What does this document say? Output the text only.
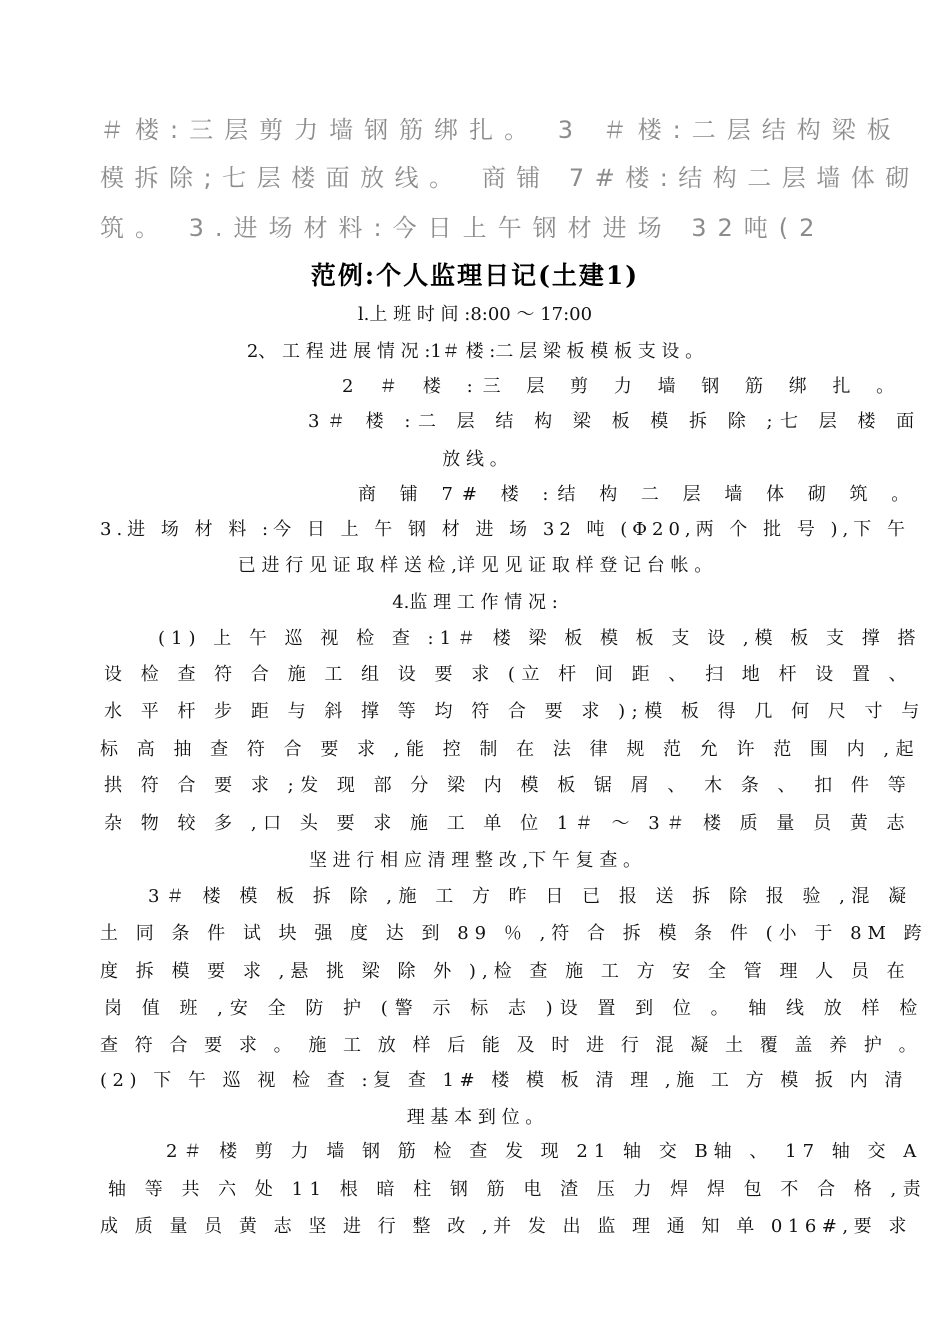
＃楼:三层剪力墙钢筋绑扎。 3 ＃楼:二层结构梁板
模拆除;七层楼面放线。 商铺 7#楼:结构二层墙体砌
筑。 3.进场材料:今日上午钢材进场 32吨(2
范例:个人监理日记(土建1)
l.上 班 时 间 :8:00 ～ 17:00
2、 工 程 进 展 情 况 :1＃ 楼 :二 层 梁 板 模 板 支 设 。
2 ＃ 楼 :三 层 剪 力 墙 钢 筋 绑 扎 。
3＃ 楼 :二 层 结 构 梁 板 模 拆 除 ;七 层 楼 面
放 线 。
商 铺 7# 楼 :结 构 二 层 墙 体 砌 筑 。
3.进 场 材 料 :今 日 上 午 钢 材 进 场 32 吨 (Φ20,两 个 批 号 ),下 午
已 进 行 见 证 取 样 送 检 ,详 见 见 证 取 样 登 记 台 帐 。
4.监 理 工 作 情 况 :
(1) 上 午 巡 视 检 查 :1＃ 楼 梁 板 模 板 支 设 ,模 板 支 撑 搭
设 检 查 符 合 施 工 组 设 要 求 (立 杆 间 距 、 扫 地 杆 设 置 、
水 平 杆 步 距 与 斜 撑 等 均 符 合 要 求 );模 板 得 几 何 尺 寸 与
标 高 抽 查 符 合 要 求 ,能 控 制 在 法 律 规 范 允 许 范 围 内 ,起
拱 符 合 要 求 ;发 现 部 分 梁 内 模 板 锯 屑 、 木 条 、 扣 件 等
杂 物 较 多 ,口 头 要 求 施 工 单 位 1＃ ～ 3＃ 楼 质 量 员 黄 志
坚 进 行 相 应 清 理 整 改 ,下 午 复 查 。
3＃ 楼 模 板 拆 除 ,施 工 方 昨 日 已 报 送 拆 除 报 验 ,混 凝
土 同 条 件 试 块 强 度 达 到 89 ％ ,符 合 拆 模 条 件 (小 于 8M 跨
度 拆 模 要 求 ,悬 挑 梁 除 外 ),检 查 施 工 方 安 全 管 理 人 员 在
岗 值 班 ,安 全 防 护 (警 示 标 志 )设 置 到 位 。 轴 线 放 样 检
查 符 合 要 求 。 施 工 放 样 后 能 及 时 进 行 混 凝 土 覆 盖 养 护 。
(2) 下 午 巡 视 检 查 :复 查 1# 楼 模 板 清 理 ,施 工 方 模 扳 内 清
理 基 本 到 位 。
2＃ 楼 剪 力 墙 钢 筋 检 查 发 现 21 轴 交 B轴 、 17 轴 交 A
轴 等 共 六 处 11 根 暗 柱 钢 筋 电 渣 压 力 焊 焊 包 不 合 格 ,责
成 质 量 员 黄 志 坚 进 行 整 改 ,并 发 出 监 理 通 知 单 016#,要 求
